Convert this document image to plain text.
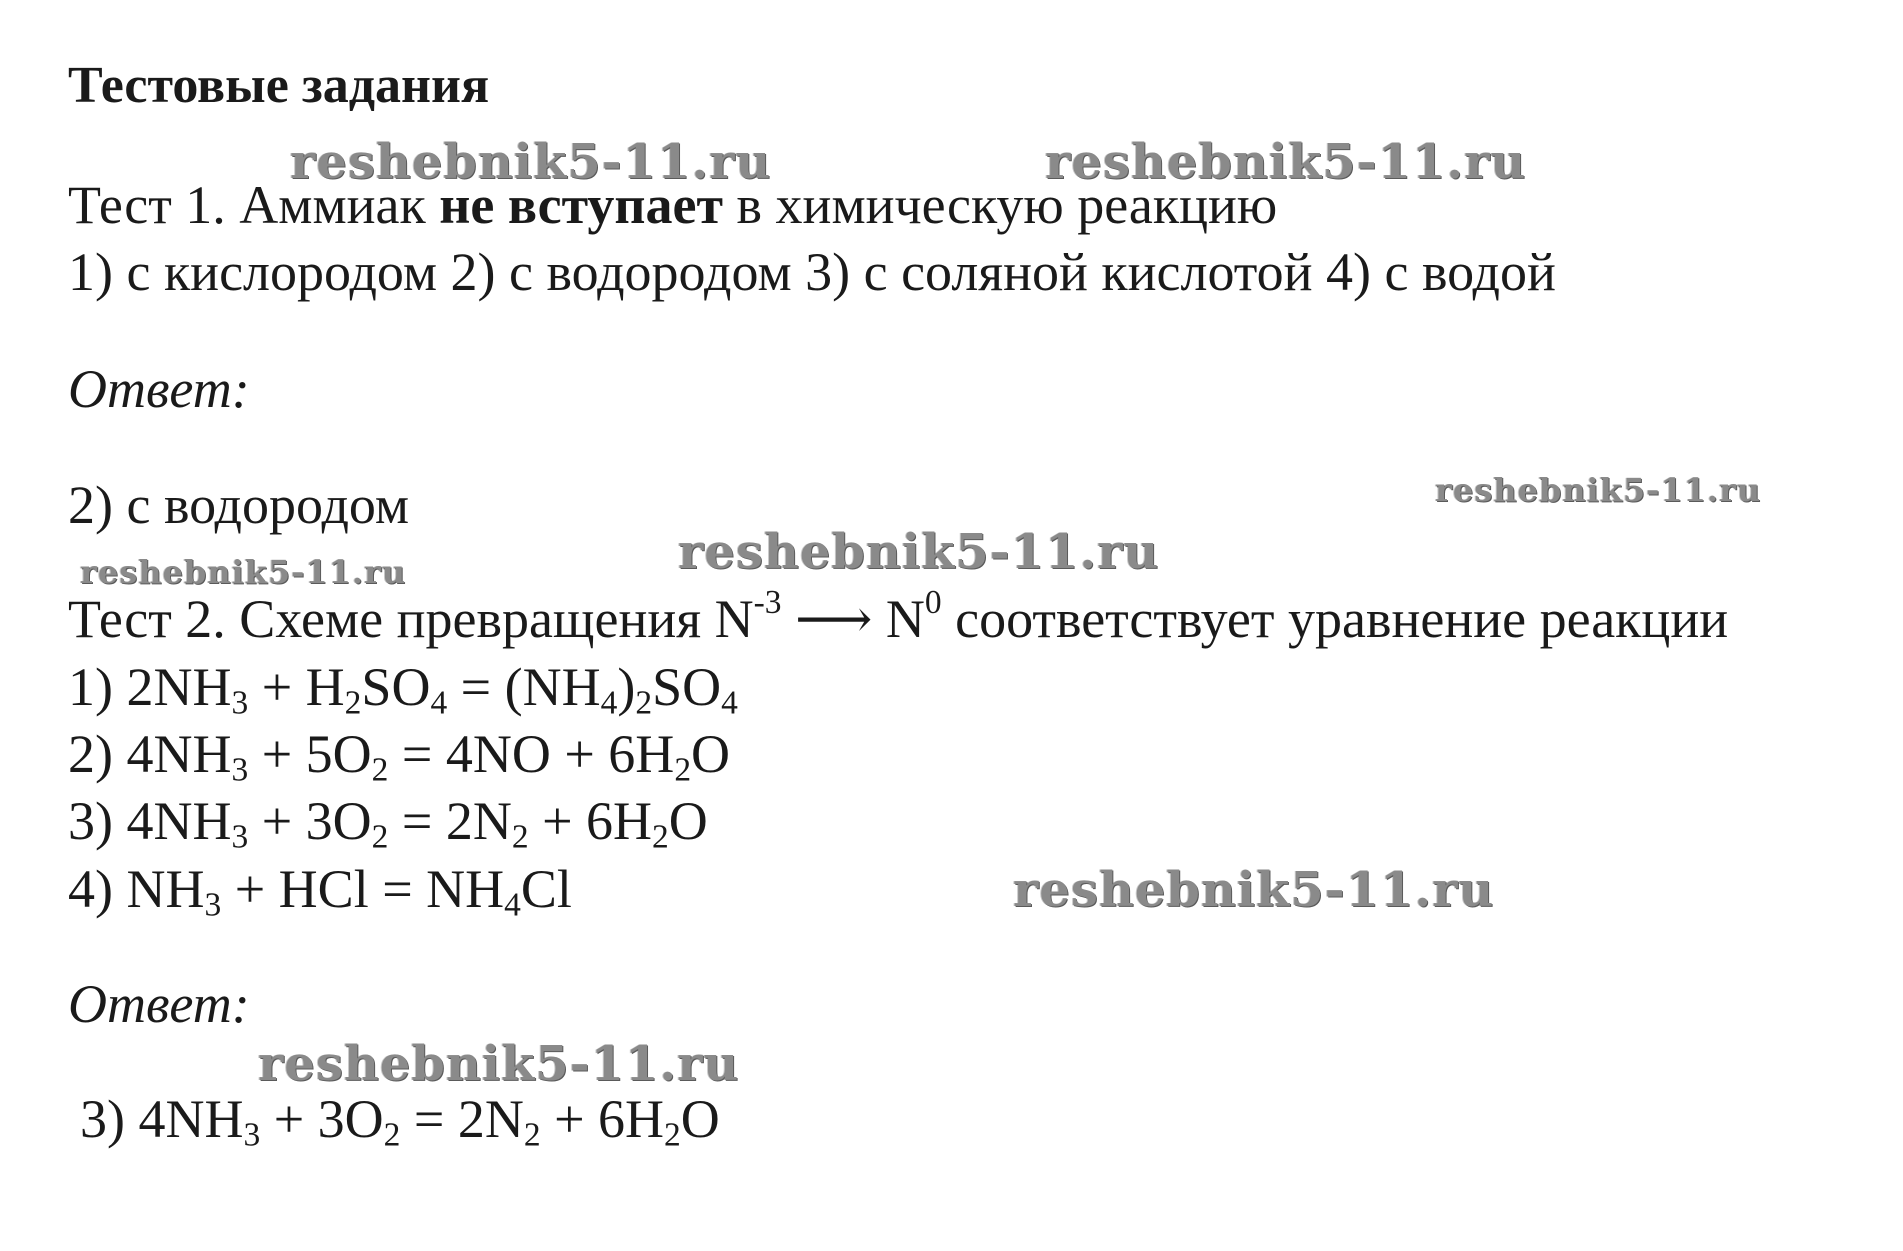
Тестовые задания
Тест 1. Аммиак не вступает в химическую реакцию
1) с кислородом 2) с водородом 3) с соляной кислотой 4) с водой
Ответ:
2) с водородом
Тест 2. Схеме превращения $N^{-3}$ ⟶ $N^0$ соответствует уравнение реакции
1) $2NH_3 + H_2SO_4 = (NH_4)_2SO_4$
2) $4NH_3 + 5O_2 = 4NO + 6H_2O$
3) $4NH_3 + 3O_2 = 2N_2 + 6H_2O$
4) $NH_3$ + HCl = $NH_4Cl$
Ответ:
3) $4NH_3 + 3O_2 = 2N_2 + 6H_2O$
reshebnik5-11.ru	reshebnik5-11.ru
reshebnik5-11.ru
reshebnik5-11.ru
reshebnik5-11.ru
reshebnik5-11.ru
reshebnik5-11.ru
